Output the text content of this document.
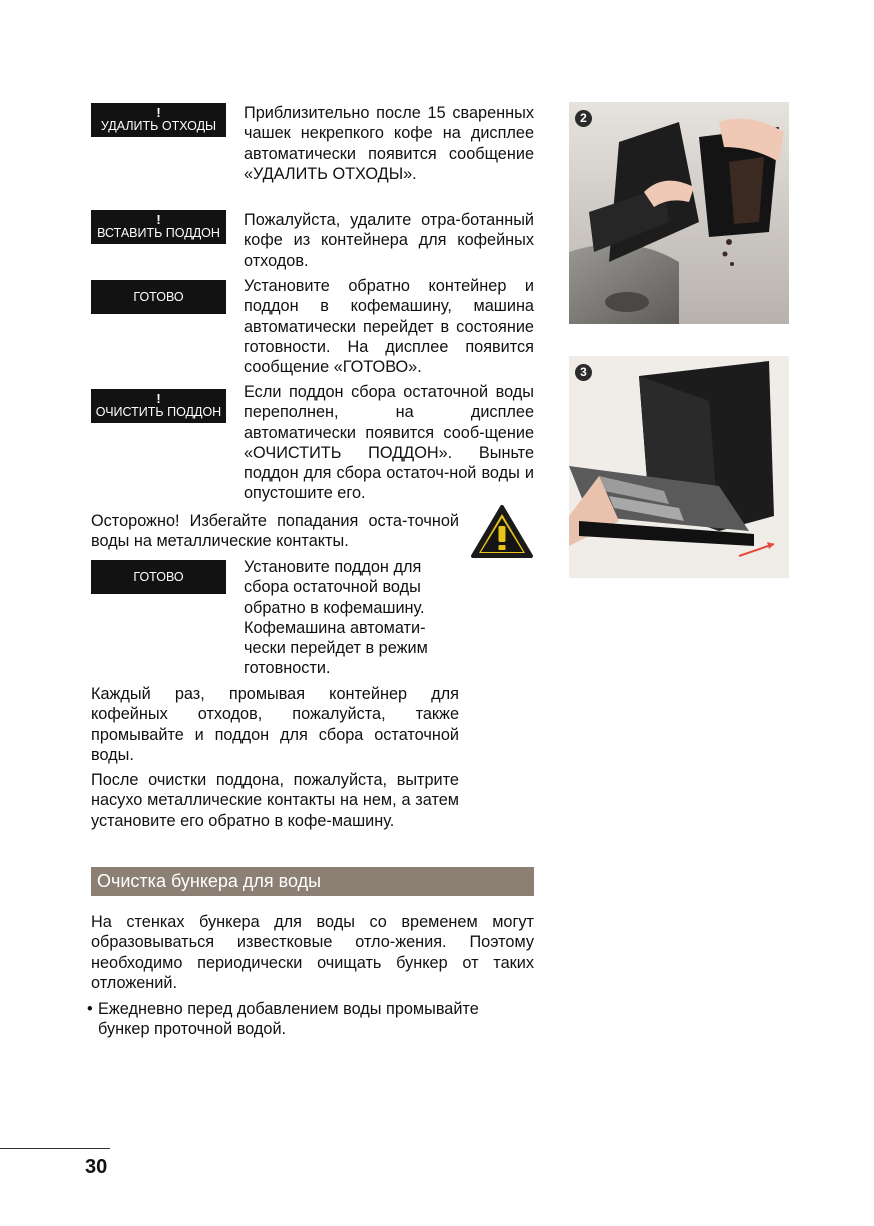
!
УДАЛИТЬ ОТХОДЫ
Приблизительно после 15 сваренных чашек некрепкого кофе на дисплее автоматически появится сообщение «УДАЛИТЬ ОТХОДЫ».
!
ВСТАВИТЬ ПОДДОН
Пожалуйста, удалите отра-ботанный кофе из контейнера для кофейных отходов.
ГОТОВО
Установите обратно контейнер и поддон в кофемашину, машина автоматически перейдет в состояние готовности. На дисплее появится сообщение «ГОТОВО».
!
ОЧИСТИТЬ ПОДДОН
Если поддон сбора остаточной воды переполнен, на дисплее автоматически появится сооб-щение «ОЧИСТИТЬ ПОДДОН». Выньте поддон для сбора остаточ-ной воды и опустошите его.
Осторожно! Избегайте попадания оста-точной воды на металлические контакты.
ГОТОВО
Установите поддон для сбора остаточной воды обратно в кофемашину. Кофемашина автомати-чески перейдет в режим готовности.
Каждый раз, промывая контейнер для кофейных отходов, пожалуйста, также промывайте и поддон для сбора остаточной воды.
После очистки поддона, пожалуйста, вытрите насухо металлические контакты на нем, а затем установите его обратно в кофе-машину.
Очистка бункера для воды
На стенках бункера для воды со временем могут образовываться известковые отло-жения. Поэтому необходимо периодически очищать бункер от таких отложений.
• Ежедневно перед добавлением воды промывайте бункер проточной водой.
2
3
30
